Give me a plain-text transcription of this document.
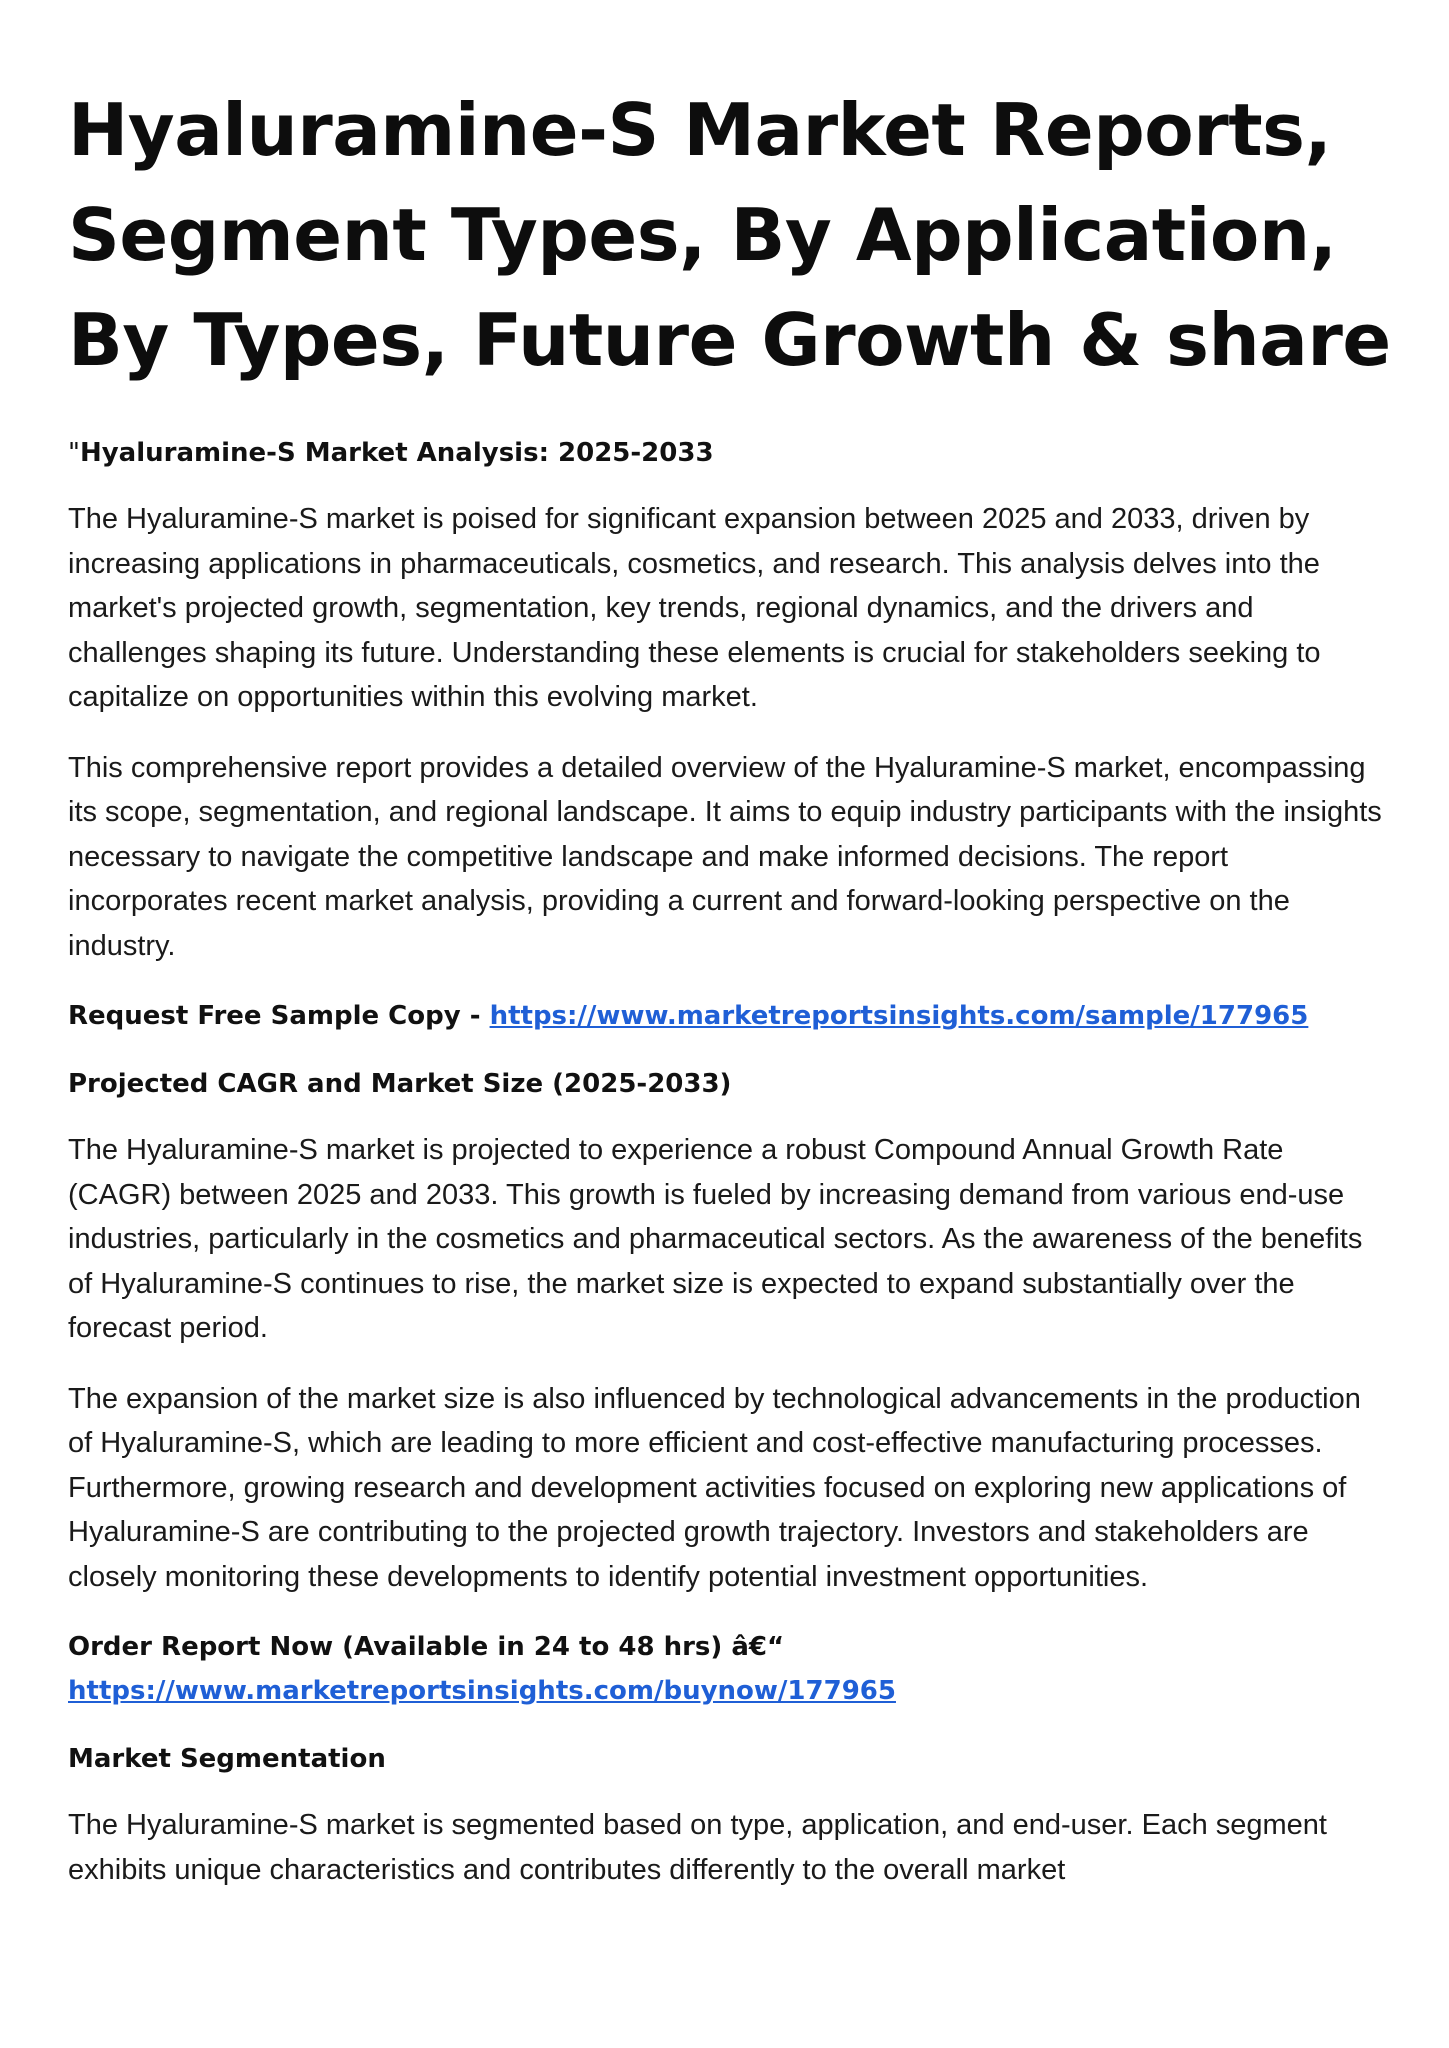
Hyaluramine-S Market Reports, Segment Types, By Application, By Types, Future Growth & share
"Hyaluramine-S Market Analysis: 2025-2033

The Hyaluramine-S market is poised for significant expansion between 2025 and 2033, driven by increasing applications in pharmaceuticals, cosmetics, and research. This analysis delves into the market's projected growth, segmentation, key trends, regional dynamics, and the drivers and challenges shaping its future. Understanding these elements is crucial for stakeholders seeking to capitalize on opportunities within this evolving market.

This comprehensive report provides a detailed overview of the Hyaluramine-S market, encompassing its scope, segmentation, and regional landscape. It aims to equip industry participants with the insights necessary to navigate the competitive landscape and make informed decisions. The report incorporates recent market analysis, providing a current and forward-looking perspective on the industry.

Request Free Sample Copy - https://www.marketreportsinsights.com/sample/177965
Projected CAGR and Market Size (2025-2033)

The Hyaluramine-S market is projected to experience a robust Compound Annual Growth Rate (CAGR) between 2025 and 2033. This growth is fueled by increasing demand from various end-use industries, particularly in the cosmetics and pharmaceutical sectors. As the awareness of the benefits of Hyaluramine-S continues to rise, the market size is expected to expand substantially over the forecast period.

The expansion of the market size is also influenced by technological advancements in the production of Hyaluramine-S, which are leading to more efficient and cost-effective manufacturing processes. Furthermore, growing research and development activities focused on exploring new applications of Hyaluramine-S are contributing to the projected growth trajectory. Investors and stakeholders are closely monitoring these developments to identify potential investment opportunities.

Order Report Now (Available in 24 to 48 hrs) â€“
https://www.marketreportsinsights.com/buynow/177965
Market Segmentation

The Hyaluramine-S market is segmented based on type, application, and end-user. Each segment exhibits unique characteristics and contributes differently to the overall market
